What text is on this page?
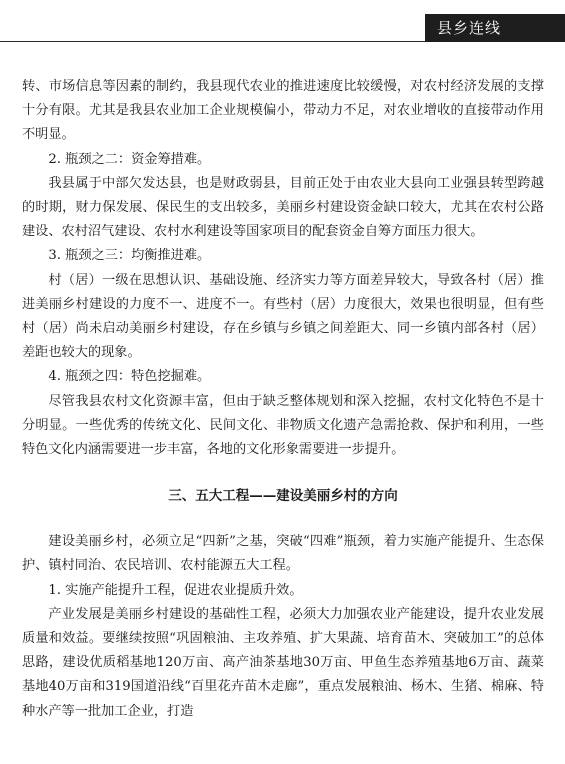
县乡连线

转、市场信息等因素的制约，我县现代农业的推进速度比较缓慢，对农村经济发展的支撑十分有限。尤其是我县农业加工企业规模偏小，带动力不足，对农业增收的直接带动作用不明显。

2. 瓶颈之二：资金筹措难。

我县属于中部欠发达县，也是财政弱县，目前正处于由农业大县向工业强县转型跨越的时期，财力保发展、保民生的支出较多，美丽乡村建设资金缺口较大，尤其在农村公路建设、农村沼气建设、农村水利建设等国家项目的配套资金自筹方面压力很大。

3. 瓶颈之三：均衡推进难。

村（居）一级在思想认识、基础设施、经济实力等方面差异较大，导致各村（居）推进美丽乡村建设的力度不一、进度不一。有些村（居）力度很大，效果也很明显，但有些村（居）尚未启动美丽乡村建设，存在乡镇与乡镇之间差距大、同一乡镇内部各村（居）差距也较大的现象。

4. 瓶颈之四：特色挖掘难。

尽管我县农村文化资源丰富，但由于缺乏整体规划和深入挖掘，农村文化特色不是十分明显。一些优秀的传统文化、民间文化、非物质文化遗产急需抢救、保护和利用，一些特色文化内涵需要进一步丰富，各地的文化形象需要进一步提升。

三、五大工程——建设美丽乡村的方向

建设美丽乡村，必须立足“四新”之基，突破“四难”瓶颈，着力实施产能提升、生态保护、镇村同治、农民培训、农村能源五大工程。

1. 实施产能提升工程，促进农业提质升效。

产业发展是美丽乡村建设的基础性工程，必须大力加强农业产能建设，提升农业发展质量和效益。要继续按照“巩固粮油、主攻养殖、扩大果蔬、培育苗木、突破加工”的总体思路，建设优质稻基地120万亩、高产油茶基地30万亩、甲鱼生态养殖基地6万亩、蔬菜基地40万亩和319国道沿线“百里花卉苗木走廊”，重点发展粮油、杨木、生猪、棉麻、特种水产等一批加工企业，打造
